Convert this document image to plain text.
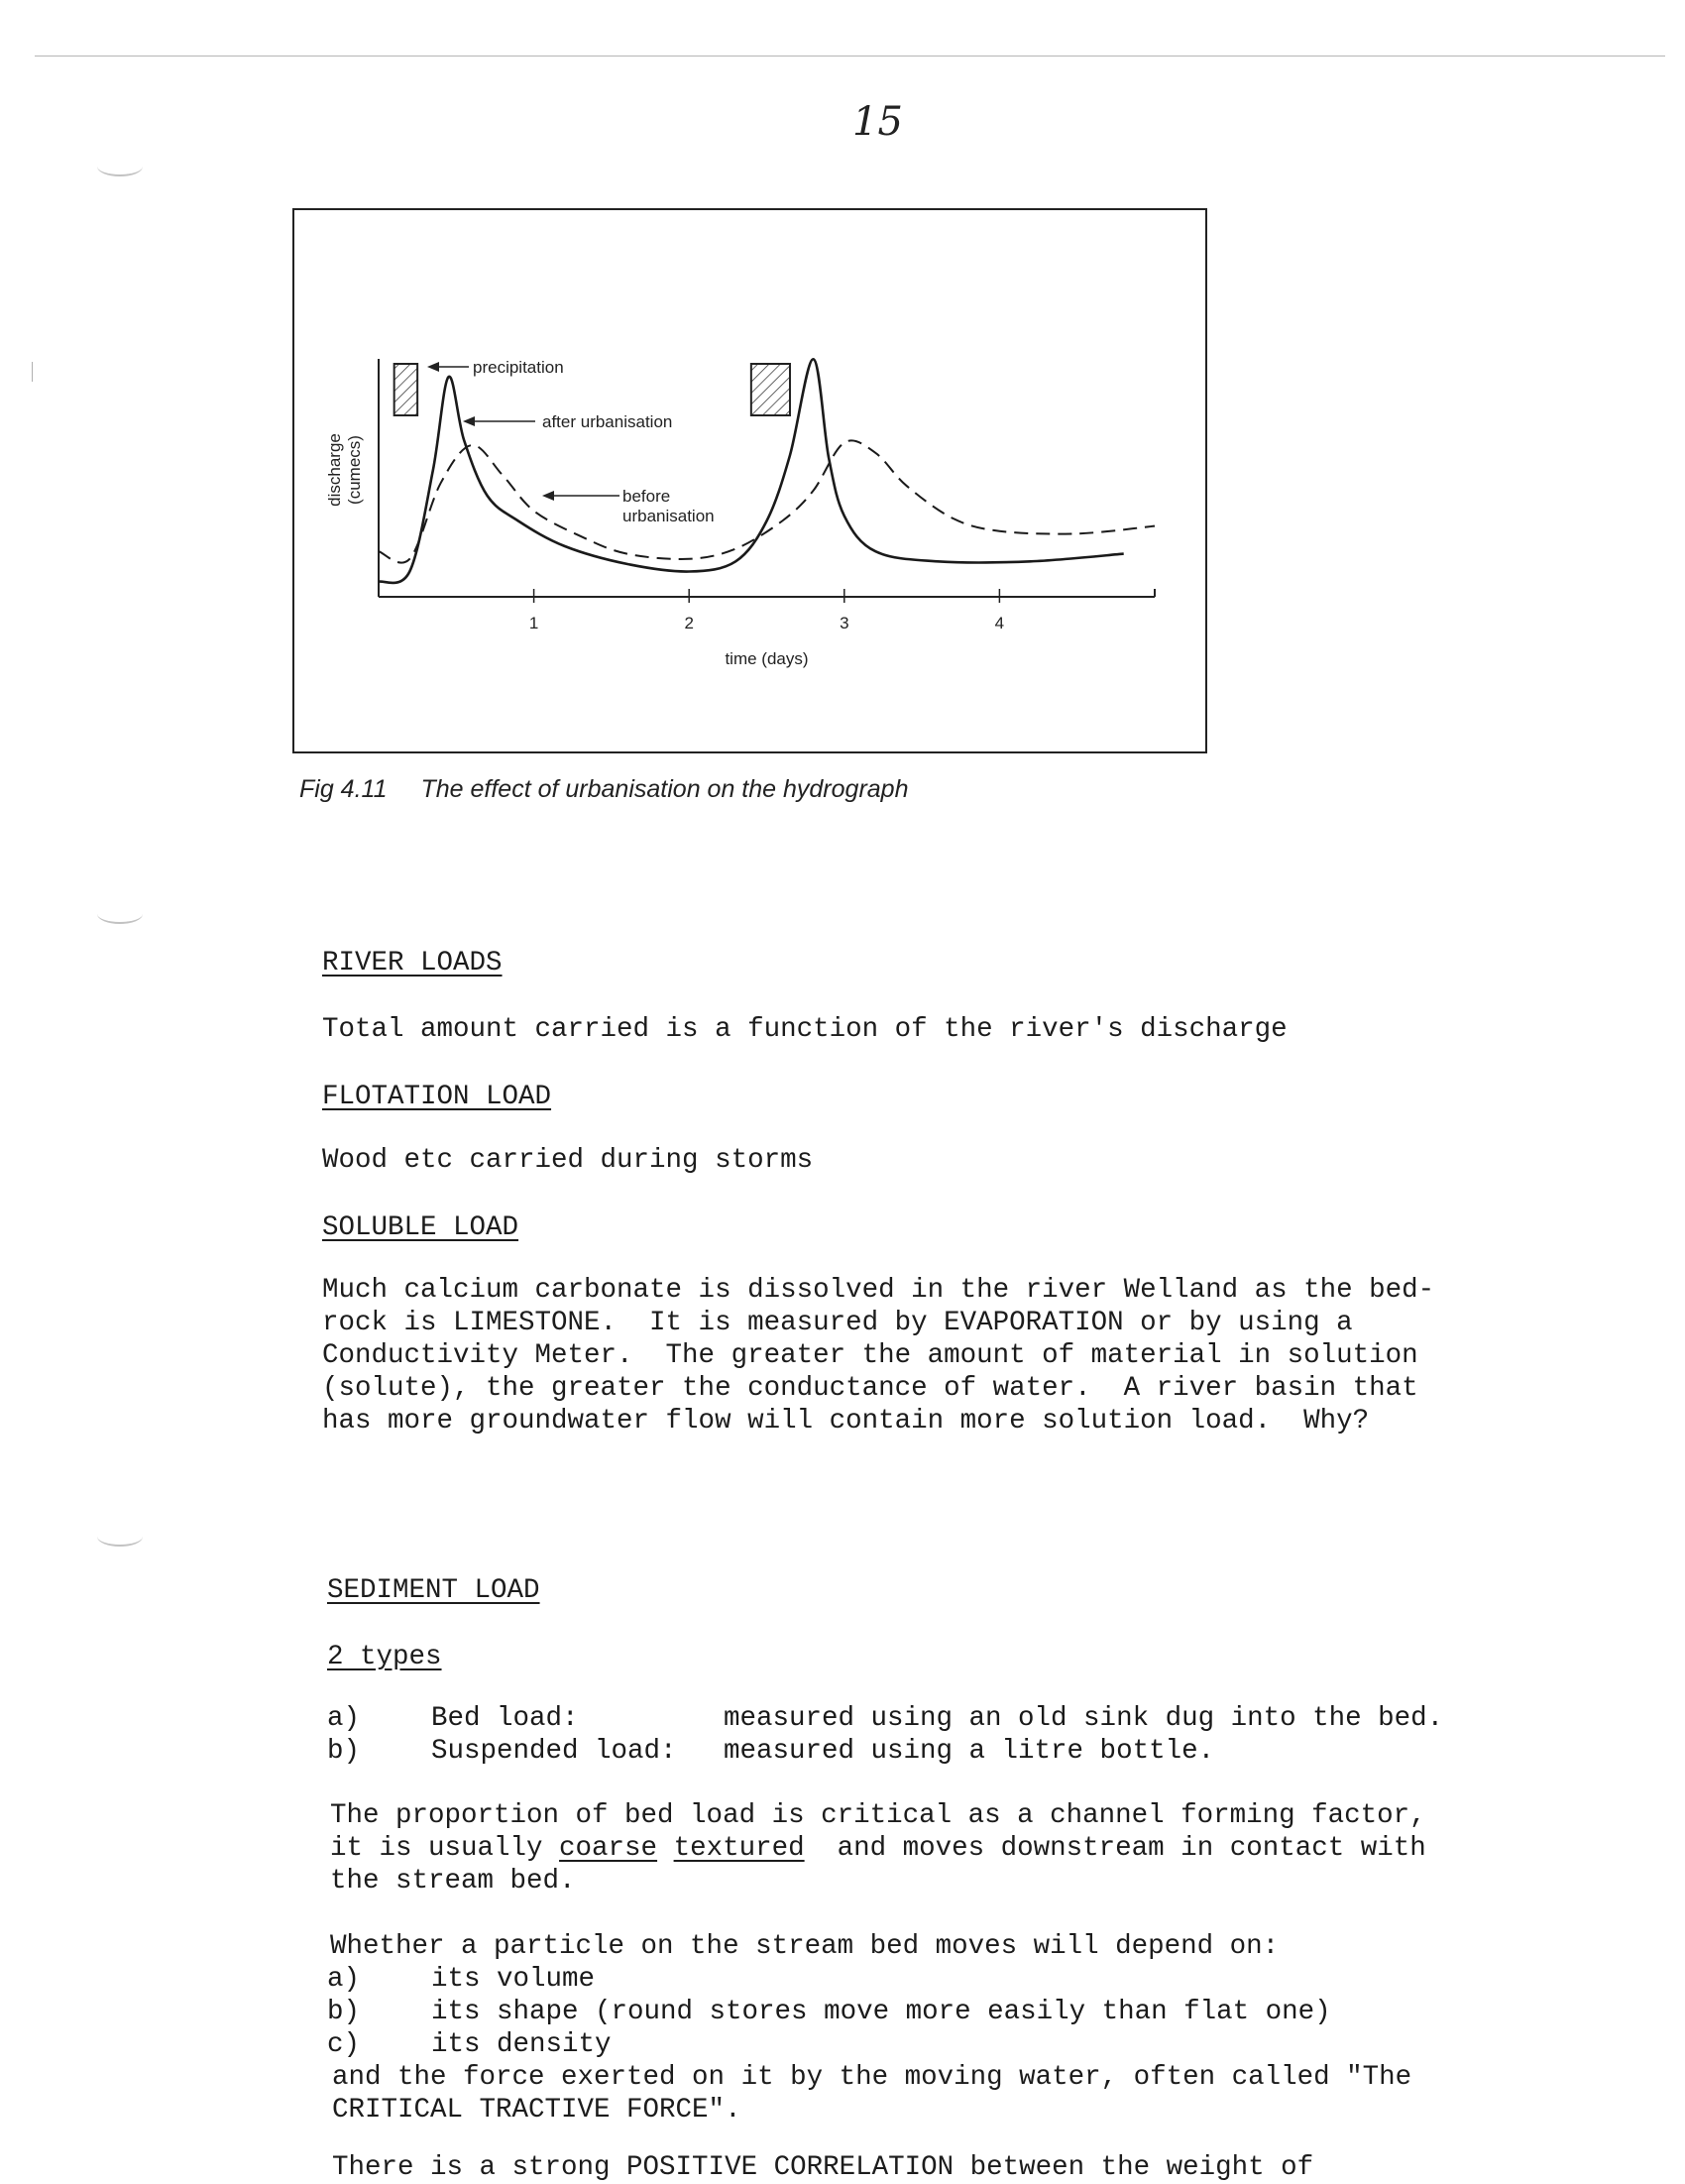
15
1	2	3	4
time (days)
discharge (cumecs)
precipitation
after urbanisation
before
urbanisation
Fig 4.11 The effect of urbanisation on the hydrograph
RIVER LOADS
Total amount carried is a function of the river's discharge
FLOTATION LOAD
Wood etc carried during storms
SOLUBLE LOAD
Much calcium carbonate is dissolved in the river Welland as the bed-
rock is LIMESTONE.  It is measured by EVAPORATION or by using a
Conductivity Meter.  The greater the amount of material in solution
(solute), the greater the conductance of water.  A river basin that
has more groundwater flow will contain more solution load.  Why?
SEDIMENT LOAD
2 types
a)	Bed load:	measured using an old sink dug into the bed.
b)	Suspended load: measured using a litre bottle.
The proportion of bed load is critical as a channel forming factor,
it is usually coarse textured  and moves downstream in contact with
the stream bed.
Whether a particle on the stream bed moves will depend on:
a)	its volume
b)	its shape (round stores move more easily than flat one)
c)	its density
and the force exerted on it by the moving water, often called "The
CRITICAL TRACTIVE FORCE".
There is a strong POSITIVE CORRELATION between the weight of
